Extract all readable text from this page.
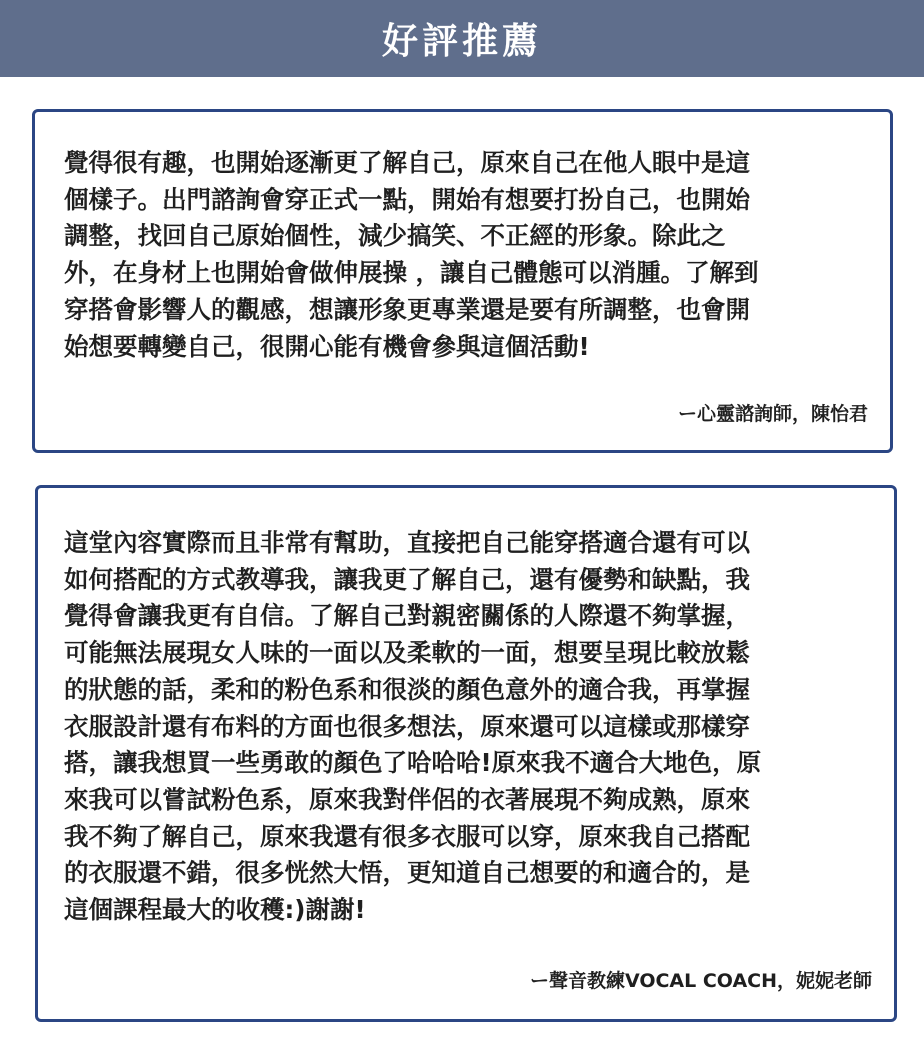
好評推薦

覺得很有趣，也開始逐漸更了解自己，原來自己在他人眼中是這
個樣子。出門諮詢會穿正式一點，開始有想要打扮自己，也開始
調整，找回自己原始個性，減少搞笑、不正經的形象。除此之
外，在身材上也開始會做伸展操 ，讓自己體態可以消腫。了解到
穿搭會影響人的觀感，想讓形象更專業還是要有所調整，也會開
始想要轉變自己，很開心能有機會參與這個活動!

ー心靈諮詢師，陳怡君

這堂內容實際而且非常有幫助，直接把自己能穿搭適合還有可以
如何搭配的方式教導我，讓我更了解自己，還有優勢和缺點，我
覺得會讓我更有自信。了解自己對親密關係的人際還不夠掌握，
可能無法展現女人味的一面以及柔軟的一面，想要呈現比較放鬆
的狀態的話，柔和的粉色系和很淡的顏色意外的適合我，再掌握
衣服設計還有布料的方面也很多想法，原來還可以這樣或那樣穿
搭，讓我想買一些勇敢的顏色了哈哈哈!原來我不適合大地色，原
來我可以嘗試粉色系，原來我對伴侶的衣著展現不夠成熟，原來
我不夠了解自己，原來我還有很多衣服可以穿，原來我自己搭配
的衣服還不錯，很多恍然大悟，更知道自己想要的和適合的，是
這個課程最大的收穫:)謝謝!

ー聲音教練VOCAL COACH，妮妮老師
